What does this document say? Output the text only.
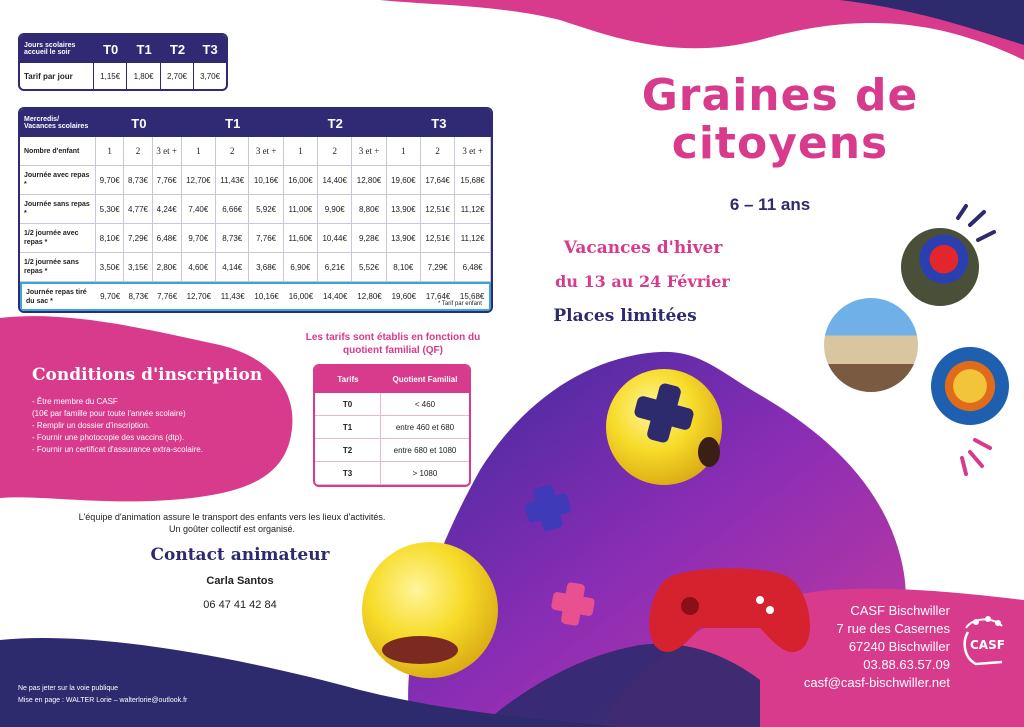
Jours scolaires accueil le soir	T0	T1	T2	T3
Tarif par jour	1,15€	1,80€	2,70€	3,70€
Mercredis/ Vacances scolaires	T0			T1			T2			T3		
Nombre d'enfant	1	2	3 et +	1	2	3 et +	1	2	3 et +	1	2	3 et +
Journée avec repas *	9,70€	8,73€	7,76€	12,70€	11,43€	10,16€	16,00€	14,40€	12,80€	19,60€	17,64€	15,68€
Journée sans repas *	5,30€	4,77€	4,24€	7,40€	6,66€	5,92€	11,00€	9,90€	8,80€	13,90€	12,51€	11,12€
1/2 journée avec repas *	8,10€	7,29€	6,48€	9,70€	8,73€	7,76€	11,60€	10,44€	9,28€	13,90€	12,51€	11,12€
1/2 journée sans repas *	3,50€	3,15€	2,80€	4,60€	4,14€	3,68€	6,90€	6,21€	5,52€	8,10€	7,29€	6,48€
Journée repas tiré du sac *	9,70€	8,73€	7,76€	12,70€	11,43€	10,16€	16,00€	14,40€	12,80€	19,60€	17,64€	15,68€
* Tarif par enfant
Les tarifs sont établis en fonction du quotient familial (QF)
Tarifs	Quotient Familial
T0	< 460
T1	entre 460 et 680
T2	entre 680 et 1080
T3	> 1080
Conditions d'inscription
- Être membre du CASF
(10€ par famille pour toute l'année scolaire)
- Remplir un dossier d'inscription.
- Fournir une photocopie des vaccins (dtp).
- Fournir un certificat d'assurance extra-scolaire.
L'équipe d'animation assure le transport des enfants vers les lieux d'activités.
Un goûter collectif est organisé.
Contact animateur
Carla Santos
06 47 41 42 84
Ne pas jeter sur la voie publique
Mise en page : WALTER Lorie – walterlorie@outlook.fr
Graines de
citoyens
6 – 11 ans
Vacances d'hiver
du 13 au 24 Février
Places limitées
CASF Bischwiller
7 rue des Casernes
67240 Bischwiller
03.88.63.57.09
casf@casf-bischwiller.net
CASF
